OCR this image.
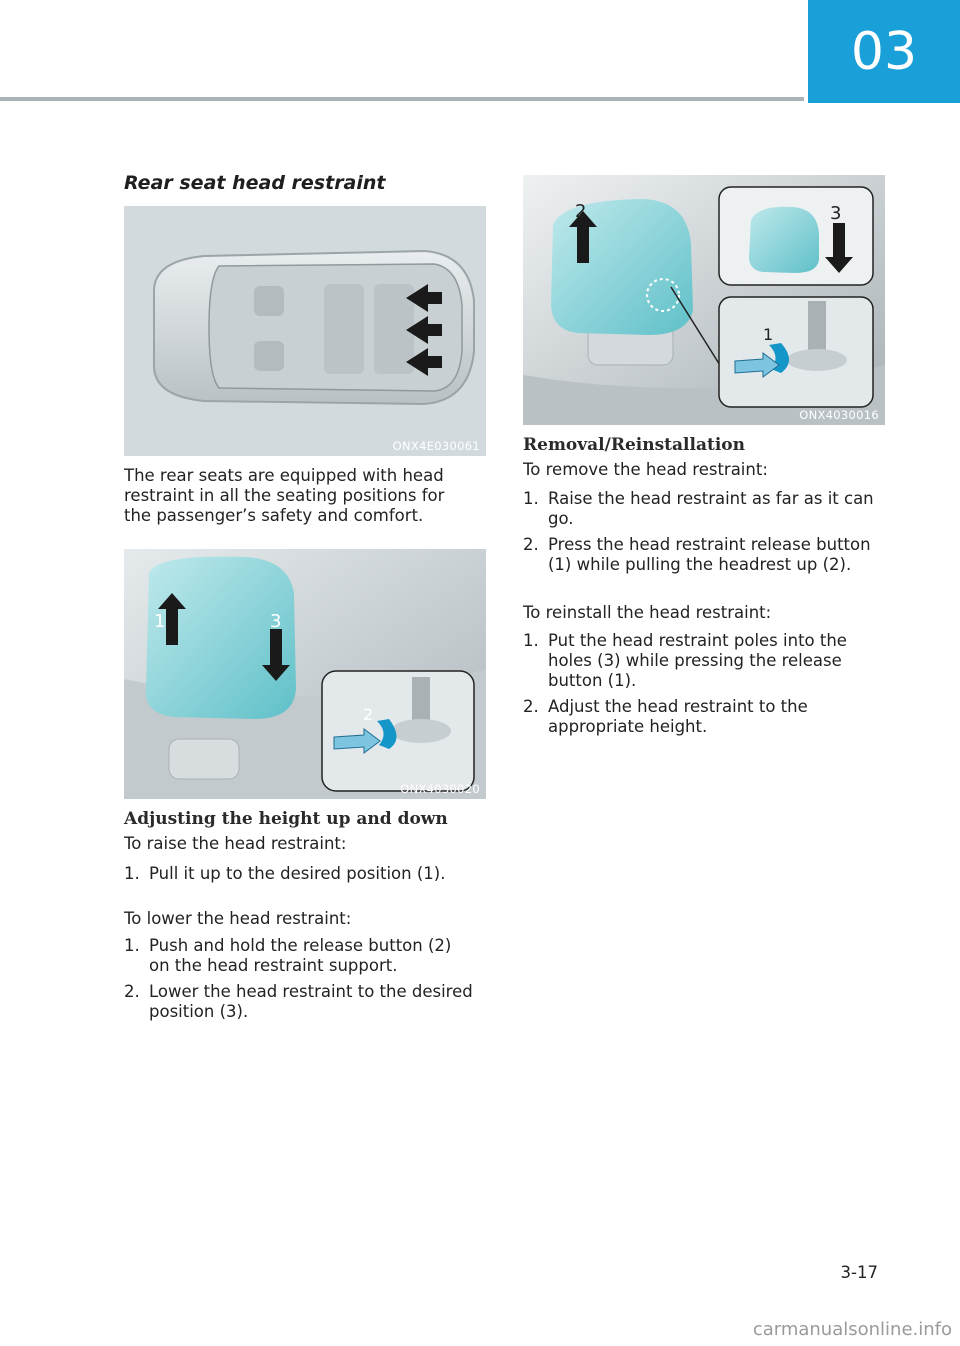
03
Rear seat head restraint
ONX4E030061
The rear seats are equipped with head restraint in all the seating positions for the passenger’s safety and comfort.
1	3
2
ONX4030020
Adjusting the height up and down
To raise the head restraint:
1. Pull it up to the desired position (1).
To lower the head restraint:
1. Push and hold the release button (2) on the head restraint support.
2. Lower the head restraint to the desired position (3).
2	3
1
ONX4030016
Removal/Reinstallation
To remove the head restraint:
1. Raise the head restraint as far as it can go.
2. Press the head restraint release button (1) while pulling the headrest up (2).
To reinstall the head restraint:
1. Put the head restraint poles into the holes (3) while pressing the release button (1).
2. Adjust the head restraint to the appropriate height.
3-17
carmanualsonline.info
